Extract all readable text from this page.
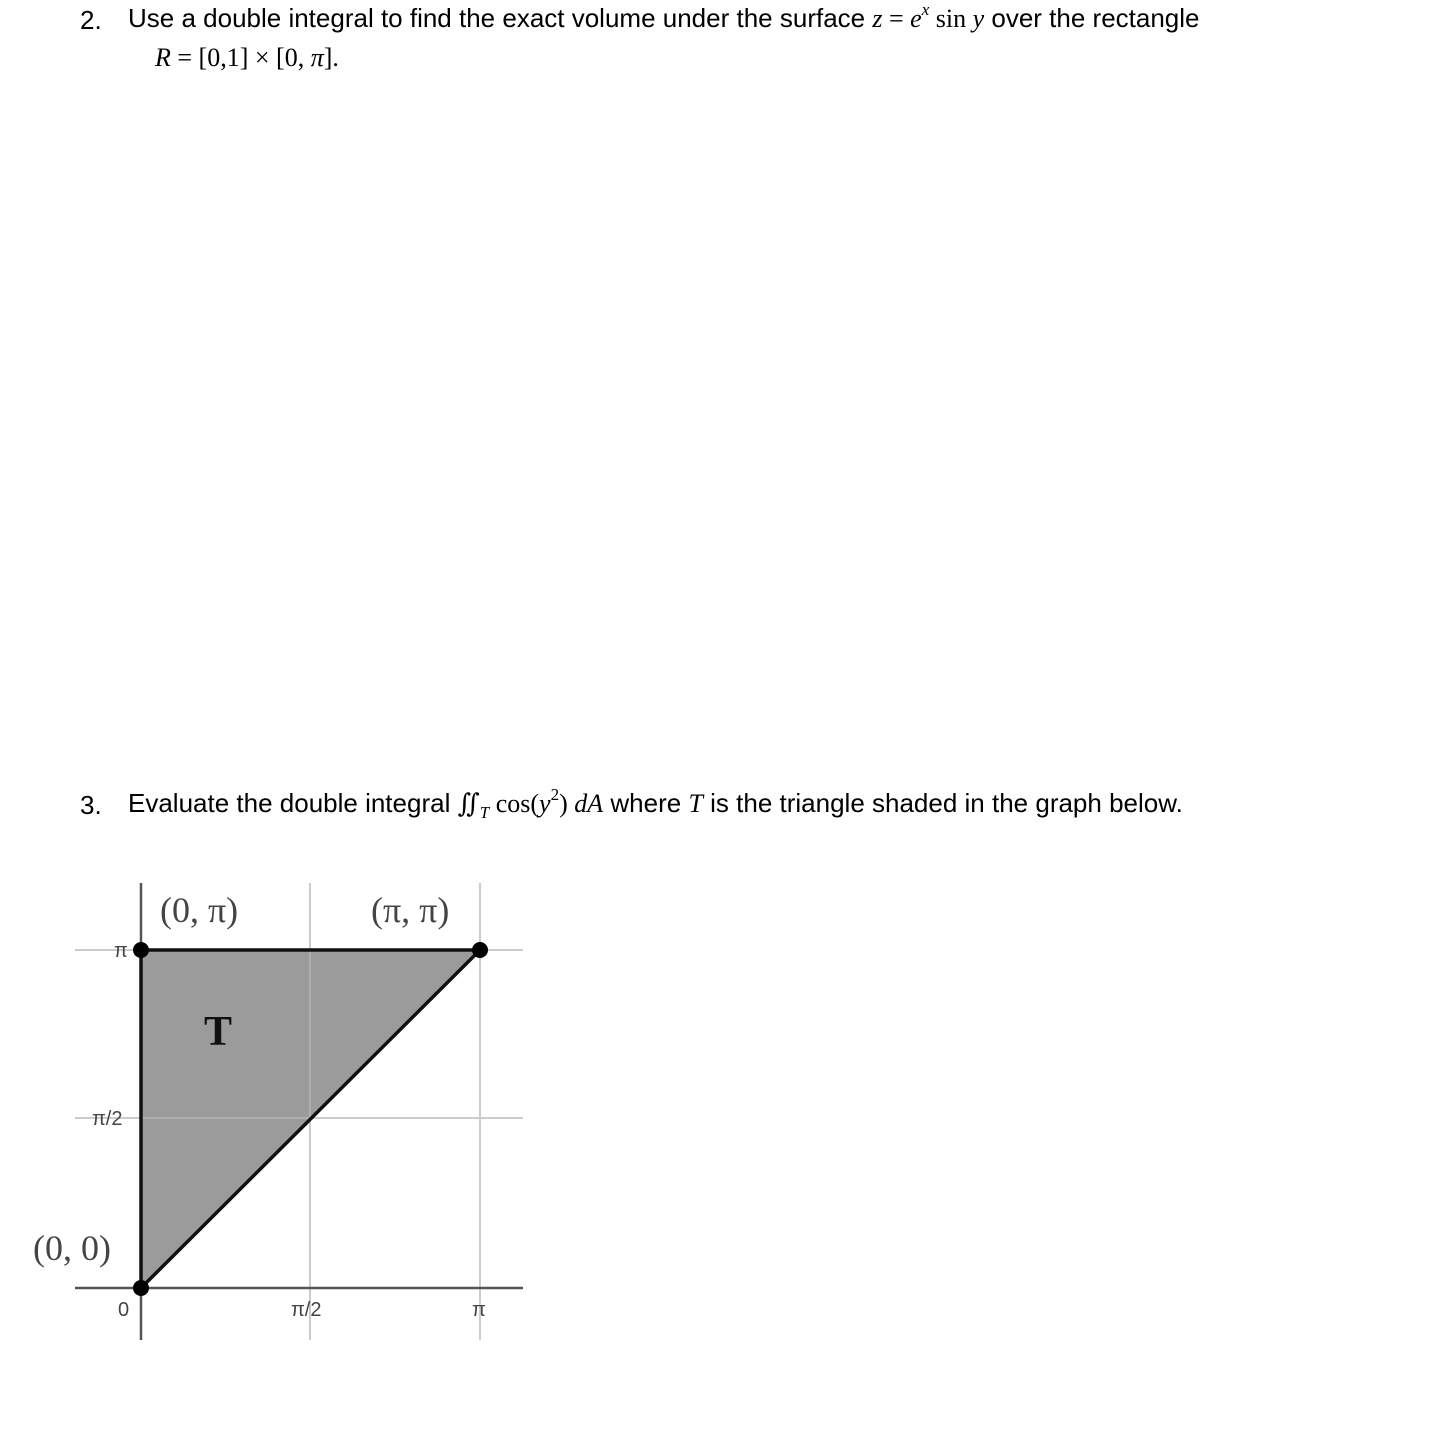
2. Use a double integral to find the exact volume under the surface $z = e^x$ sin y over the rectangle
R = [0,1] × [0, π].
3. Evaluate the double integral $∬_T$ $\cos(y^2)$ dA where T is the triangle shaded in the graph below.
π
π/2
0	π/2	π
(0, π)	(π, π)
(0, 0)
T
